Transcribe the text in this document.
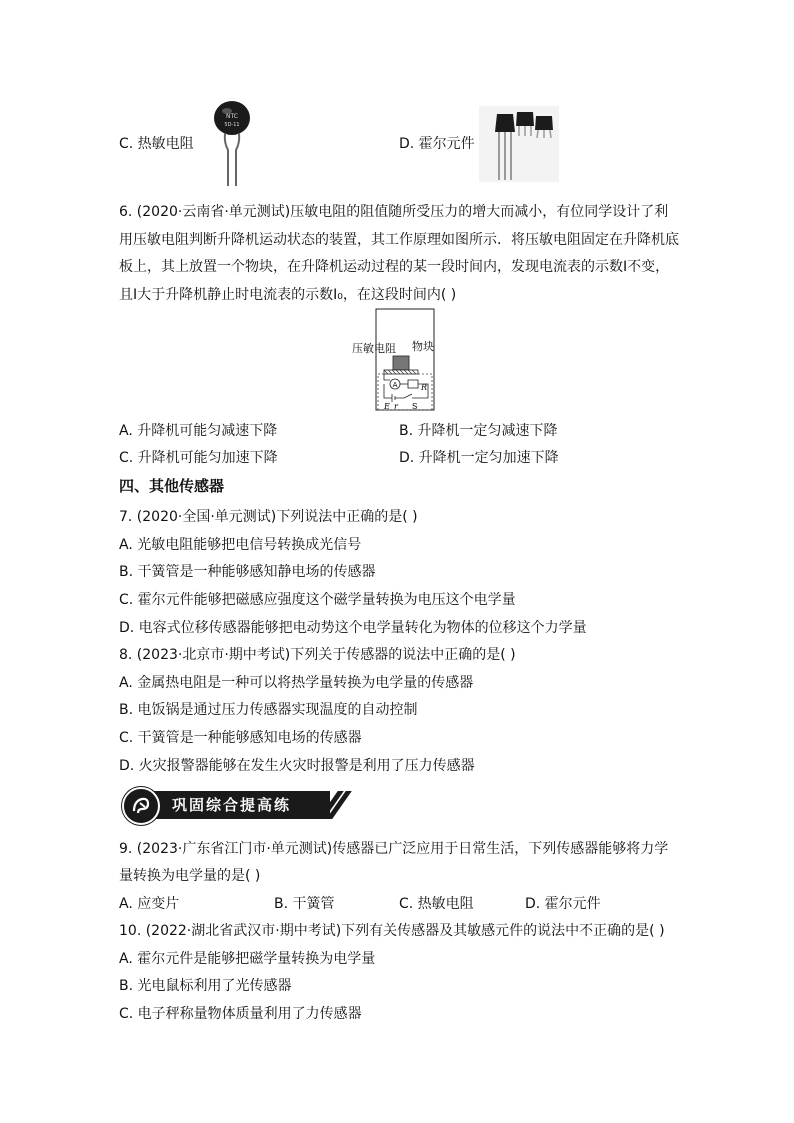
C. 热敏电阻
NTC
5D-11
D. 霍尔元件
6. (2020·云南省·单元测试)压敏电阻的阻值随所受压力的增大而减小，有位同学设计了利
用压敏电阻判断升降机运动状态的装置，其工作原理如图所示．将压敏电阻固定在升降机底
板上，其上放置一个物块，在升降机运动过程的某一段时间内，发现电流表的示数I不变，
且I大于升降机静止时电流表的示数I₀，在这段时间内( )
A	R
E r S
压敏电阻 物块
A. 升降机可能匀减速下降	B. 升降机一定匀减速下降
C. 升降机可能匀加速下降	D. 升降机一定匀加速下降
四、其他传感器
7. (2020·全国·单元测试)下列说法中正确的是( )
A. 光敏电阻能够把电信号转换成光信号
B. 干簧管是一种能够感知静电场的传感器
C. 霍尔元件能够把磁感应强度这个磁学量转换为电压这个电学量
D. 电容式位移传感器能够把电动势这个电学量转化为物体的位移这个力学量
8. (2023·北京市·期中考试)下列关于传感器的说法中正确的是( )
A. 金属热电阻是一种可以将热学量转换为电学量的传感器
B. 电饭锅是通过压力传感器实现温度的自动控制
C. 干簧管是一种能够感知电场的传感器
D. 火灾报警器能够在发生火灾时报警是利用了压力传感器
巩固综合提高练
9. (2023·广东省江门市·单元测试)传感器已广泛应用于日常生活，下列传感器能够将力学
量转换为电学量的是( )
A. 应变片	B. 干簧管	C. 热敏电阻	D. 霍尔元件
10. (2022·湖北省武汉市·期中考试)下列有关传感器及其敏感元件的说法中不正确的是( )
A. 霍尔元件是能够把磁学量转换为电学量
B. 光电鼠标利用了光传感器
C. 电子秤称量物体质量利用了力传感器
